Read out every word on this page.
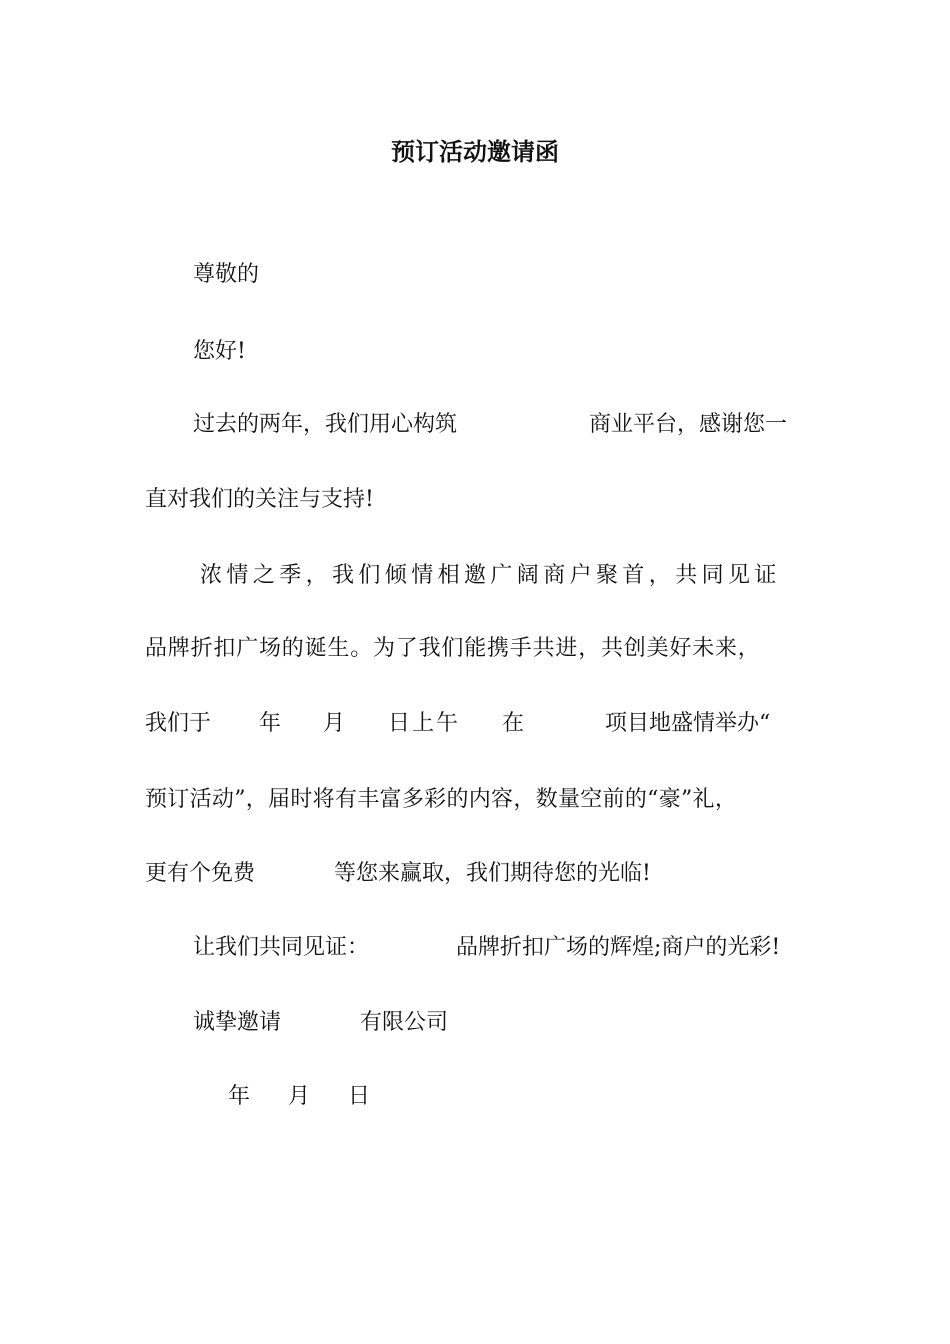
预订活动邀请函

尊敬的

您好!

过去的两年，我们用心构筑	商业平台，感谢您一
直对我们的关注与支持!
浓情之季，我们倾情相邀广阔商户聚首，共同见证
品牌折扣广场的诞生。为了我们能携手共进，共创美好未来，
我们于 年 月 日上午 在	项目地盛情举办“
预订活动”，届时将有丰富多彩的内容，数量空前的“豪”礼，
更有个免费	等您来赢取，我们期待您的光临!
让我们共同见证：	品牌折扣广场的辉煌;商户的光彩!
诚挚邀请	有限公司
年 月 日
